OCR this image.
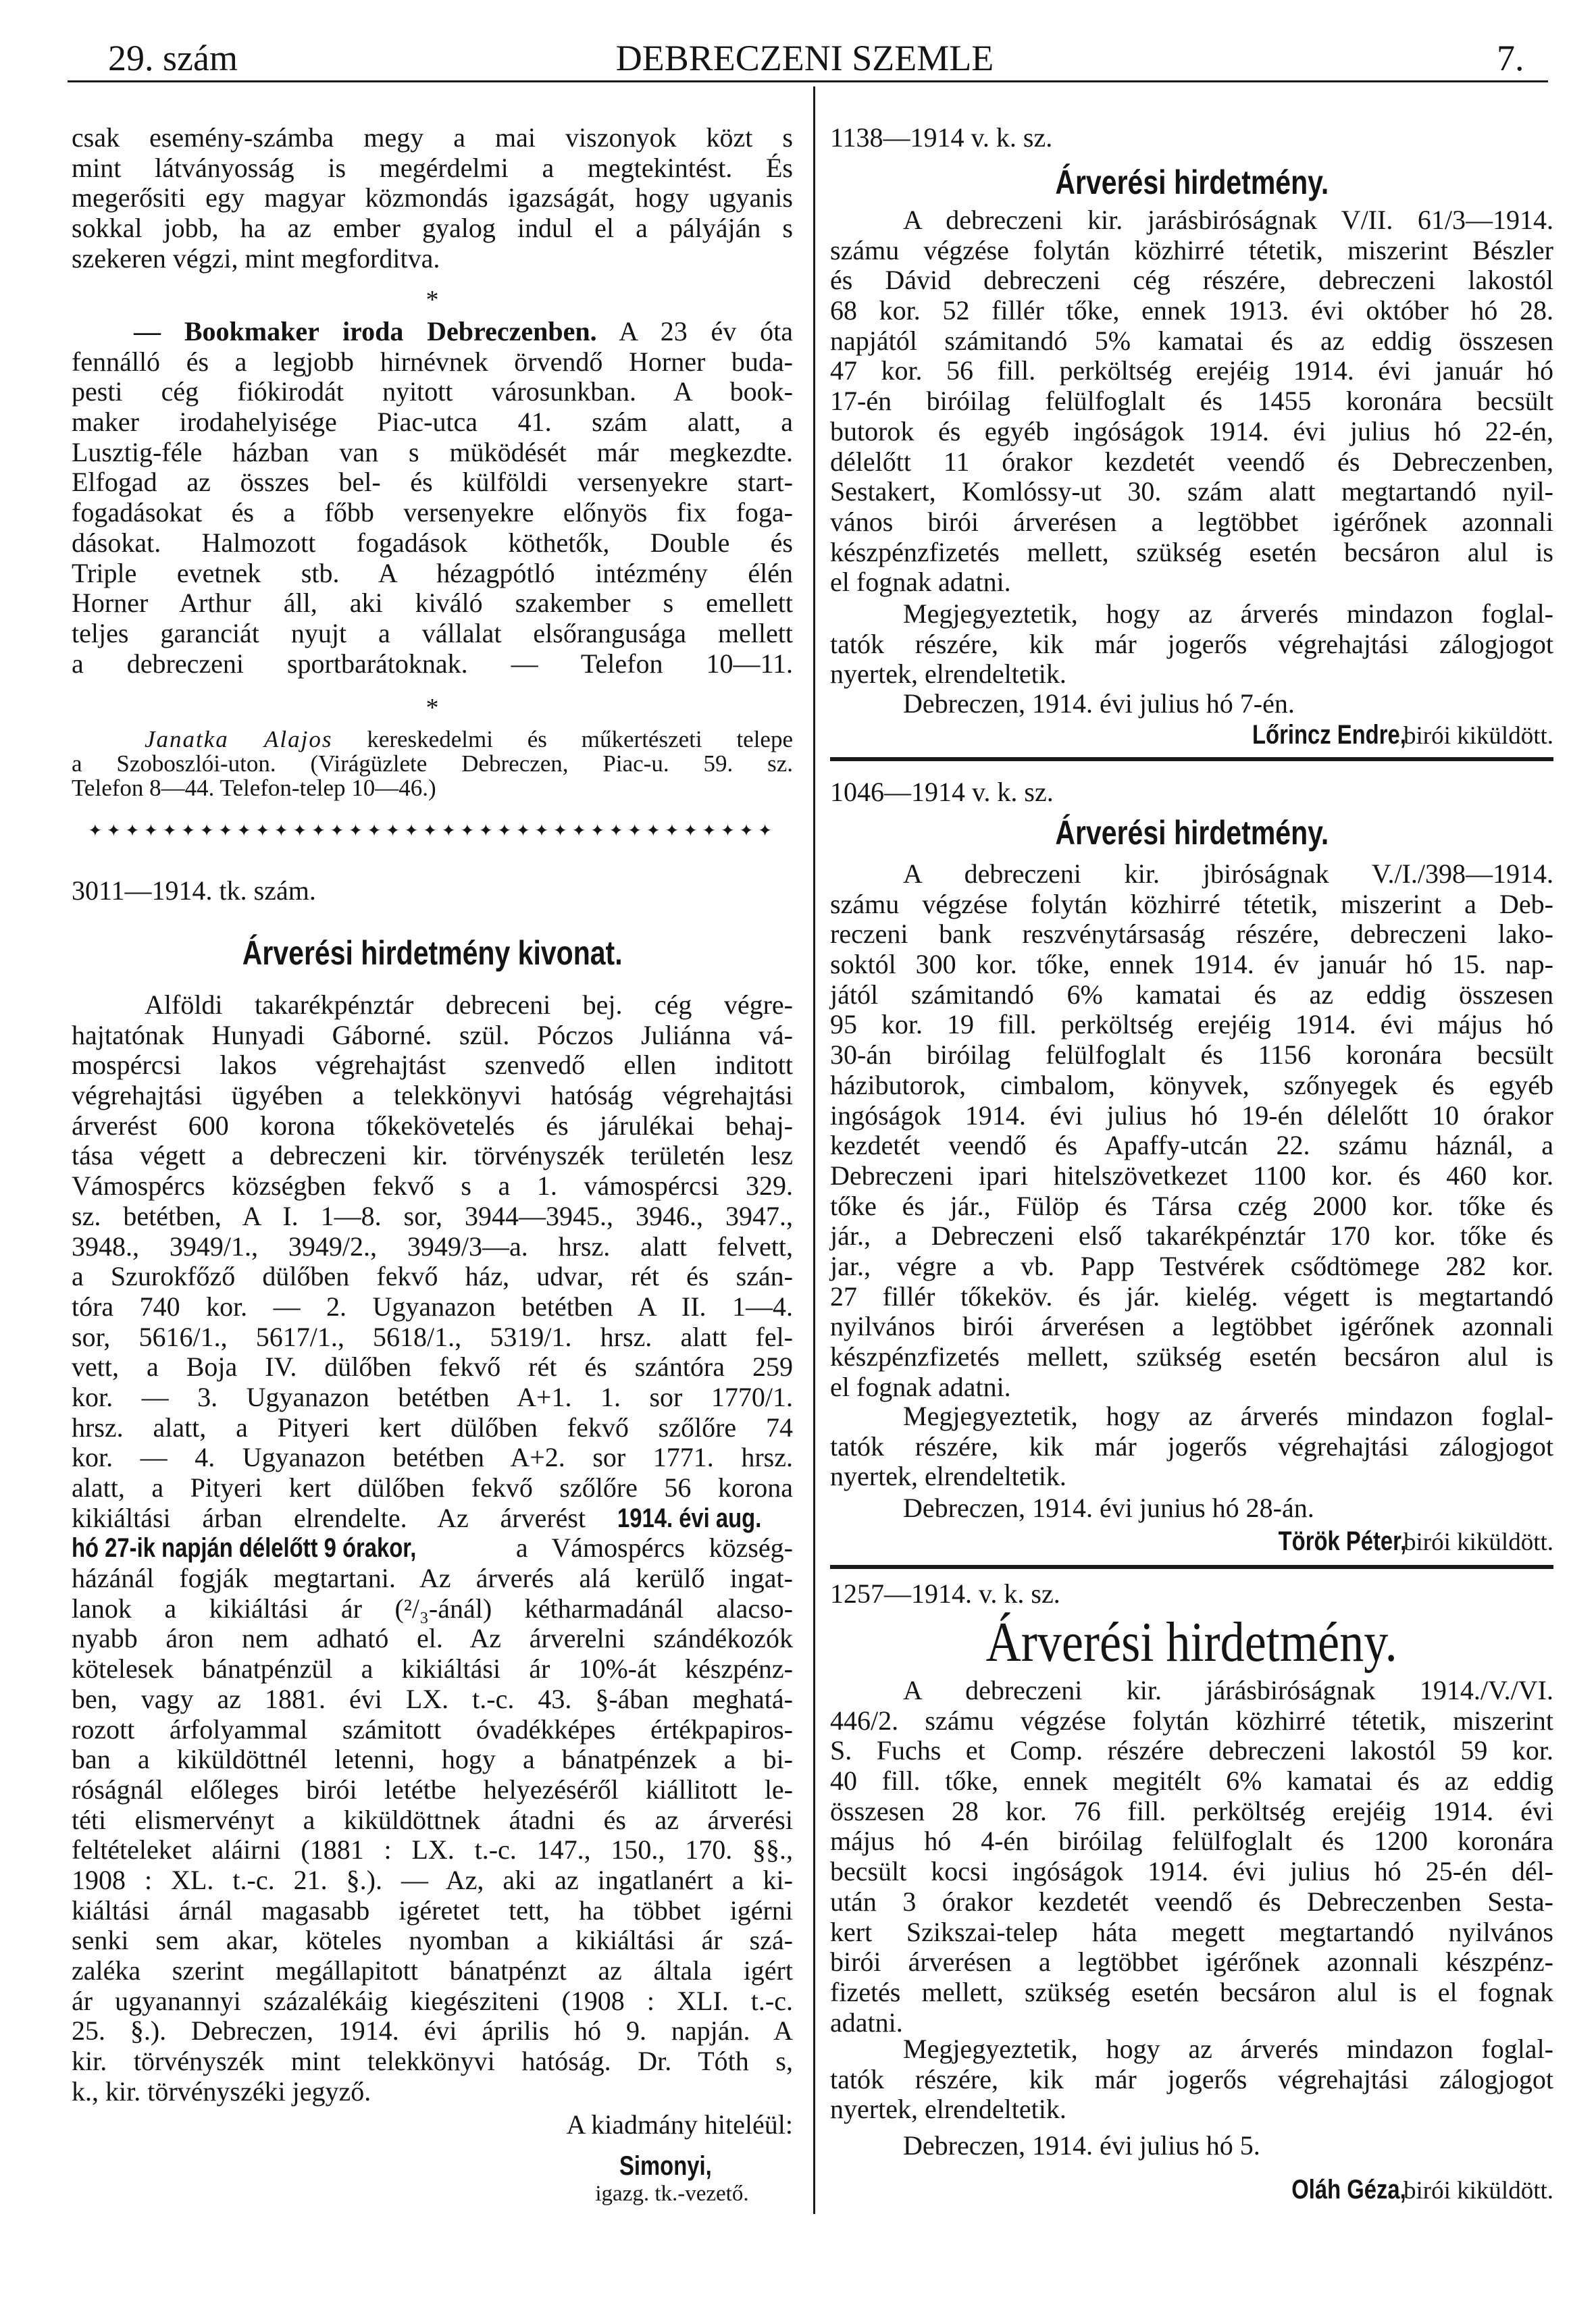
29. szám	DEBRECZENI SZEMLE	7.
csak esemény-számba megy a mai viszonyok közt s
mint látványosság is megérdelmi a megtekintést. És
megerősiti egy magyar közmondás igazságát, hogy ugyanis
sokkal jobb, ha az ember gyalog indul el a pályáján s
szekeren végzi, mint megforditva.
*
— Bookmaker iroda Debreczenben. A 23 év óta
fennálló és a legjobb hirnévnek örvendő Horner buda-
pesti cég fiókirodát nyitott városunkban. A book-
maker irodahelyisége Piac-utca 41. szám alatt, a
Lusztig-féle házban van s müködését már megkezdte.
Elfogad az összes bel- és külföldi versenyekre start-
fogadásokat és a főbb versenyekre előnyös fix foga-
dásokat. Halmozott fogadások köthetők, Double és
Triple evetnek stb. A hézagpótló intézmény élén
Horner Arthur áll, aki kiváló szakember s emellett
teljes garanciát nyujt a vállalat elsőrangusága mellett
a debreczeni sportbarátoknak. — Telefon 10—11.
*
Janatka Alajos kereskedelmi és műkertészeti telepe
a Szoboszlói-uton. (Virágüzlete Debreczen, Piac-u. 59. sz.
Telefon 8—44. Telefon-telep 10—46.)
✦✦✦✦✦✦✦✦✦✦✦✦✦✦✦✦✦✦✦✦✦✦✦✦✦✦✦✦✦✦✦✦✦✦✦✦✦
3011—1914. tk. szám.
Árverési hirdetmény kivonat.
Alföldi takarékpénztár debreceni bej. cég végre-
hajtatónak Hunyadi Gáborné. szül. Póczos Juliánna vá-
mospércsi lakos végrehajtást szenvedő ellen inditott
végrehajtási ügyében a telekkönyvi hatóság végrehajtási
árverést 600 korona tőkekövetelés és járulékai behaj-
tása végett a debreczeni kir. törvényszék területén lesz
Vámospércs községben fekvő s a 1. vámospércsi 329.
sz. betétben, A I. 1—8. sor, 3944—3945., 3946., 3947.,
3948., 3949/1., 3949/2., 3949/3—a. hrsz. alatt felvett,
a Szurokfőző dülőben fekvő ház, udvar, rét és szán-
tóra 740 kor. — 2. Ugyanazon betétben A II. 1—4.
sor, 5616/1., 5617/1., 5618/1., 5319/1. hrsz. alatt fel-
vett, a Boja IV. dülőben fekvő rét és szántóra 259
kor. — 3. Ugyanazon betétben A+1. 1. sor 1770/1.
hrsz. alatt, a Pityeri kert dülőben fekvő szőlőre 74
kor. — 4. Ugyanazon betétben A+2. sor 1771. hrsz.
alatt, a Pityeri kert dülőben fekvő szőlőre 56 korona
kikiáltási árban elrendelte. Az árverést 1914. évi aug.
hó 27-ik napján délelőtt 9 órakor,	a Vámospércs község-
házánál fogják megtartani. Az árverés alá kerülő ingat-
lanok a kikiáltási ár (²/₃-ánál) kétharmadánál alacso-
nyabb áron nem adható el. Az árverelni szándékozók
kötelesek bánatpénzül a kikiáltási ár 10%-át készpénz-
ben, vagy az 1881. évi LX. t.-c. 43. §-ában meghatá-
rozott árfolyammal számitott óvadékképes értékpapiros-
ban a kiküldöttnél letenni, hogy a bánatpénzek a bi-
róságnál előleges birói letétbe helyezéséről kiállitott le-
téti elismervényt a kiküldöttnek átadni és az árverési
feltételeket aláirni (1881 : LX. t.-c. 147., 150., 170. §§.,
1908 : XL. t.-c. 21. §.). — Az, aki az ingatlanért a ki-
kiáltási árnál magasabb igéretet tett, ha többet igérni
senki sem akar, köteles nyomban a kikiáltási ár szá-
zaléka szerint megállapitott bánatpénzt az általa igért
ár ugyanannyi százalékáig kiegésziteni (1908 : XLI. t.-c.
25. §.). Debreczen, 1914. évi április hó 9. napján. A
kir. törvényszék mint telekkönyvi hatóság. Dr. Tóth s,
k., kir. törvényszéki jegyző.
A kiadmány hiteléül:
Simonyi,
igazg. tk.-vezető.
1138—1914 v. k. sz.
Árverési hirdetmény.
A debreczeni kir. jarásbiróságnak V/II. 61/3—1914.
számu végzése folytán közhirré tétetik, miszerint Bészler
és Dávid debreczeni cég részére, debreczeni lakostól
68 kor. 52 fillér tőke, ennek 1913. évi október hó 28.
napjától számitandó 5% kamatai és az eddig összesen
47 kor. 56 fill. perköltség erejéig 1914. évi január hó
17-én biróilag felülfoglalt és 1455 koronára becsült
butorok és egyéb ingóságok 1914. évi julius hó 22-én,
délelőtt 11 órakor kezdetét veendő és Debreczenben,
Sestakert, Komlóssy-ut 30. szám alatt megtartandó nyil-
vános birói árverésen a legtöbbet igérőnek azonnali
készpénzfizetés mellett, szükség esetén becsáron alul is
el fognak adatni.
Megjegyeztetik, hogy az árverés mindazon foglal-
tatók részére, kik már jogerős végrehajtási zálogjogot
nyertek, elrendeltetik.
Debreczen, 1914. évi julius hó 7-én.
Lőrincz Endre, birói kiküldött.
1046—1914 v. k. sz.
Árverési hirdetmény.
A debreczeni kir. jbiróságnak V./I./398—1914.
számu végzése folytán közhirré tétetik, miszerint a Deb-
reczeni bank reszvénytársaság részére, debreczeni lako-
soktól 300 kor. tőke, ennek 1914. év január hó 15. nap-
jától számitandó 6% kamatai és az eddig összesen
95 kor. 19 fill. perköltség erejéig 1914. évi május hó
30-án biróilag felülfoglalt és 1156 koronára becsült
házibutorok, cimbalom, könyvek, szőnyegek és egyéb
ingóságok 1914. évi julius hó 19-én délelőtt 10 órakor
kezdetét veendő és Apaffy-utcán 22. számu háznál, a
Debreczeni ipari hitelszövetkezet 1100 kor. és 460 kor.
tőke és jár., Fülöp és Társa czég 2000 kor. tőke és
jár., a Debreczeni első takarékpénztár 170 kor. tőke és
jar., végre a vb. Papp Testvérek csődtömege 282 kor.
27 fillér tőkeköv. és jár. kielég. végett is megtartandó
nyilvános birói árverésen a legtöbbet igérőnek azonnali
készpénzfizetés mellett, szükség esetén becsáron alul is
el fognak adatni.
Megjegyeztetik, hogy az árverés mindazon foglal-
tatók részére, kik már jogerős végrehajtási zálogjogot
nyertek, elrendeltetik.
Debreczen, 1914. évi junius hó 28-án.
Török Péter, birói kiküldött.
1257—1914. v. k. sz.
Árverési hirdetmény.
A debreczeni kir. járásbiróságnak 1914./V./VI.
446/2. számu végzése folytán közhirré tétetik, miszerint
S. Fuchs et Comp. részére debreczeni lakostól 59 kor.
40 fill. tőke, ennek megitélt 6% kamatai és az eddig
összesen 28 kor. 76 fill. perköltség erejéig 1914. évi
május hó 4-én biróilag felülfoglalt és 1200 koronára
becsült kocsi ingóságok 1914. évi julius hó 25-én dél-
után 3 órakor kezdetét veendő és Debreczenben Sesta-
kert Szikszai-telep háta megett megtartandó nyilvános
birói árverésen a legtöbbet igérőnek azonnali készpénz-
fizetés mellett, szükség esetén becsáron alul is el fognak
adatni.
Megjegyeztetik, hogy az árverés mindazon foglal-
tatók részére, kik már jogerős végrehajtási zálogjogot
nyertek, elrendeltetik.
Debreczen, 1914. évi julius hó 5.
Oláh Géza, birói kiküldött.
